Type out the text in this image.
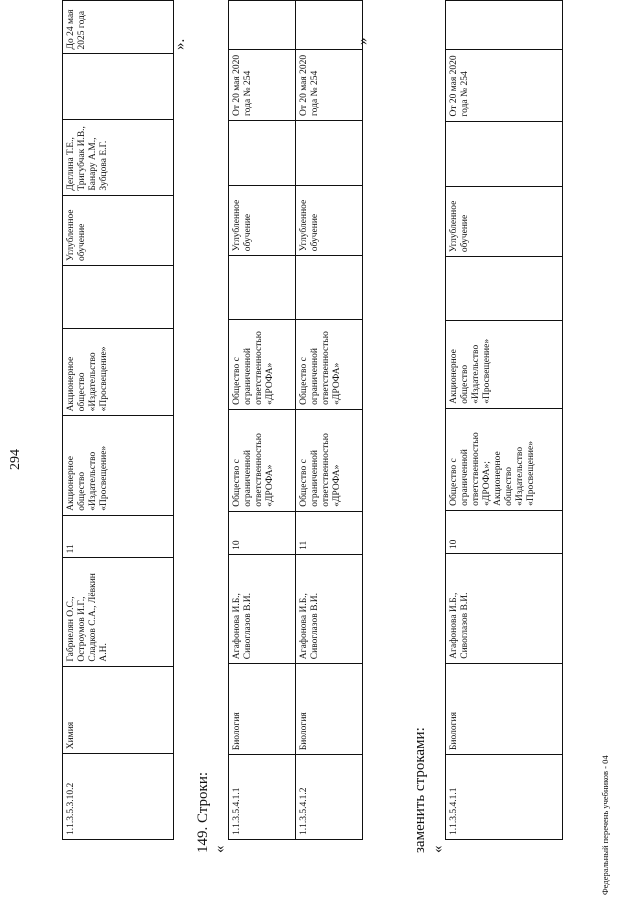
294
1.1.3.5.3.10.2	Химия	Габриелян О.С., Остроумов И.Г., Сладков С.А., Лёвкин А.Н.	11	Акционерное общество «Издательство «Просвещение»	Акционерное общество «Издательство «Просвещение»		Углубленное обучение	Деглина Т.Е., Тригубчак И.В., Банару А.М., Зубцова Е.Г.		До 24 мая 2025 года	».
149. Строки: «
1.1.3.5.4.1.1	Биология	Агафонова И.Б., Сивоглазов В.И.	10	Общество с ограниченной ответственностью «ДРОФА»	Общество с ограниченной ответственностью «ДРОФА»		Углубленное обучение		От 20 мая 2020 года № 254	
1.1.3.5.4.1.2	Биология	Агафонова И.Б., Сивоглазов В.И.	11	Общество с ограниченной ответственностью «ДРОФА»	Общество с ограниченной ответственностью «ДРОФА»		Углубленное обучение		От 20 мая 2020 года № 254	
»
заменить строками: «
1.1.3.5.4.1.1	Биология	Агафонова И.Б., Сивоглазов В.И.	10	Общество с ограниченной ответственностью «ДРОФА»; Акционерное общество «Издательство «Просвещение»	Акционерное общество «Издательство «Просвещение»		Углубленное обучение		От 20 мая 2020 года № 254	
Федеральный перечень учебников - 04
